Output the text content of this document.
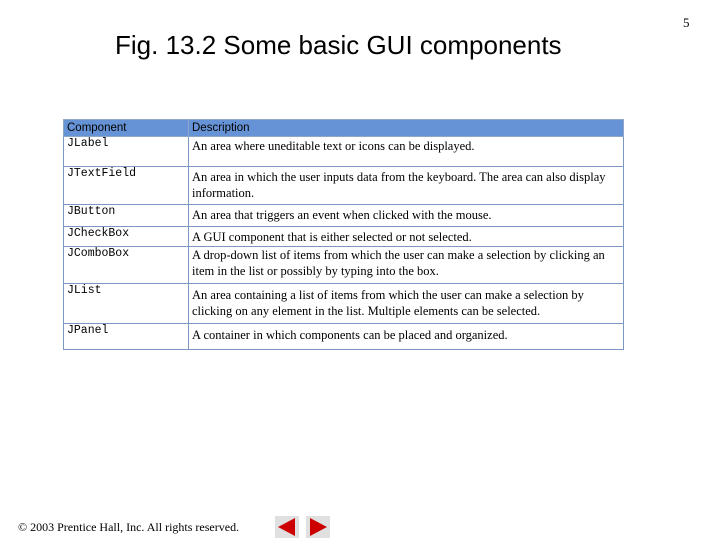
5
Fig. 13.2 Some basic GUI components
Component	Description
JLabel	An area where uneditable text or icons can be displayed.
JTextField	An area in which the user inputs data from the keyboard. The area can also display information.
JButton	An area that triggers an event when clicked with the mouse.
JCheckBox	A GUI component that is either selected or not selected.
JComboBox	A drop-down list of items from which the user can make a selection by clicking an item in the list or possibly by typing into the box.
JList	An area containing a list of items from which the user can make a selection by clicking on any element in the list. Multiple elements can be selected.
JPanel	A container in which components can be placed and organized.
© 2003 Prentice Hall, Inc. All rights reserved.
